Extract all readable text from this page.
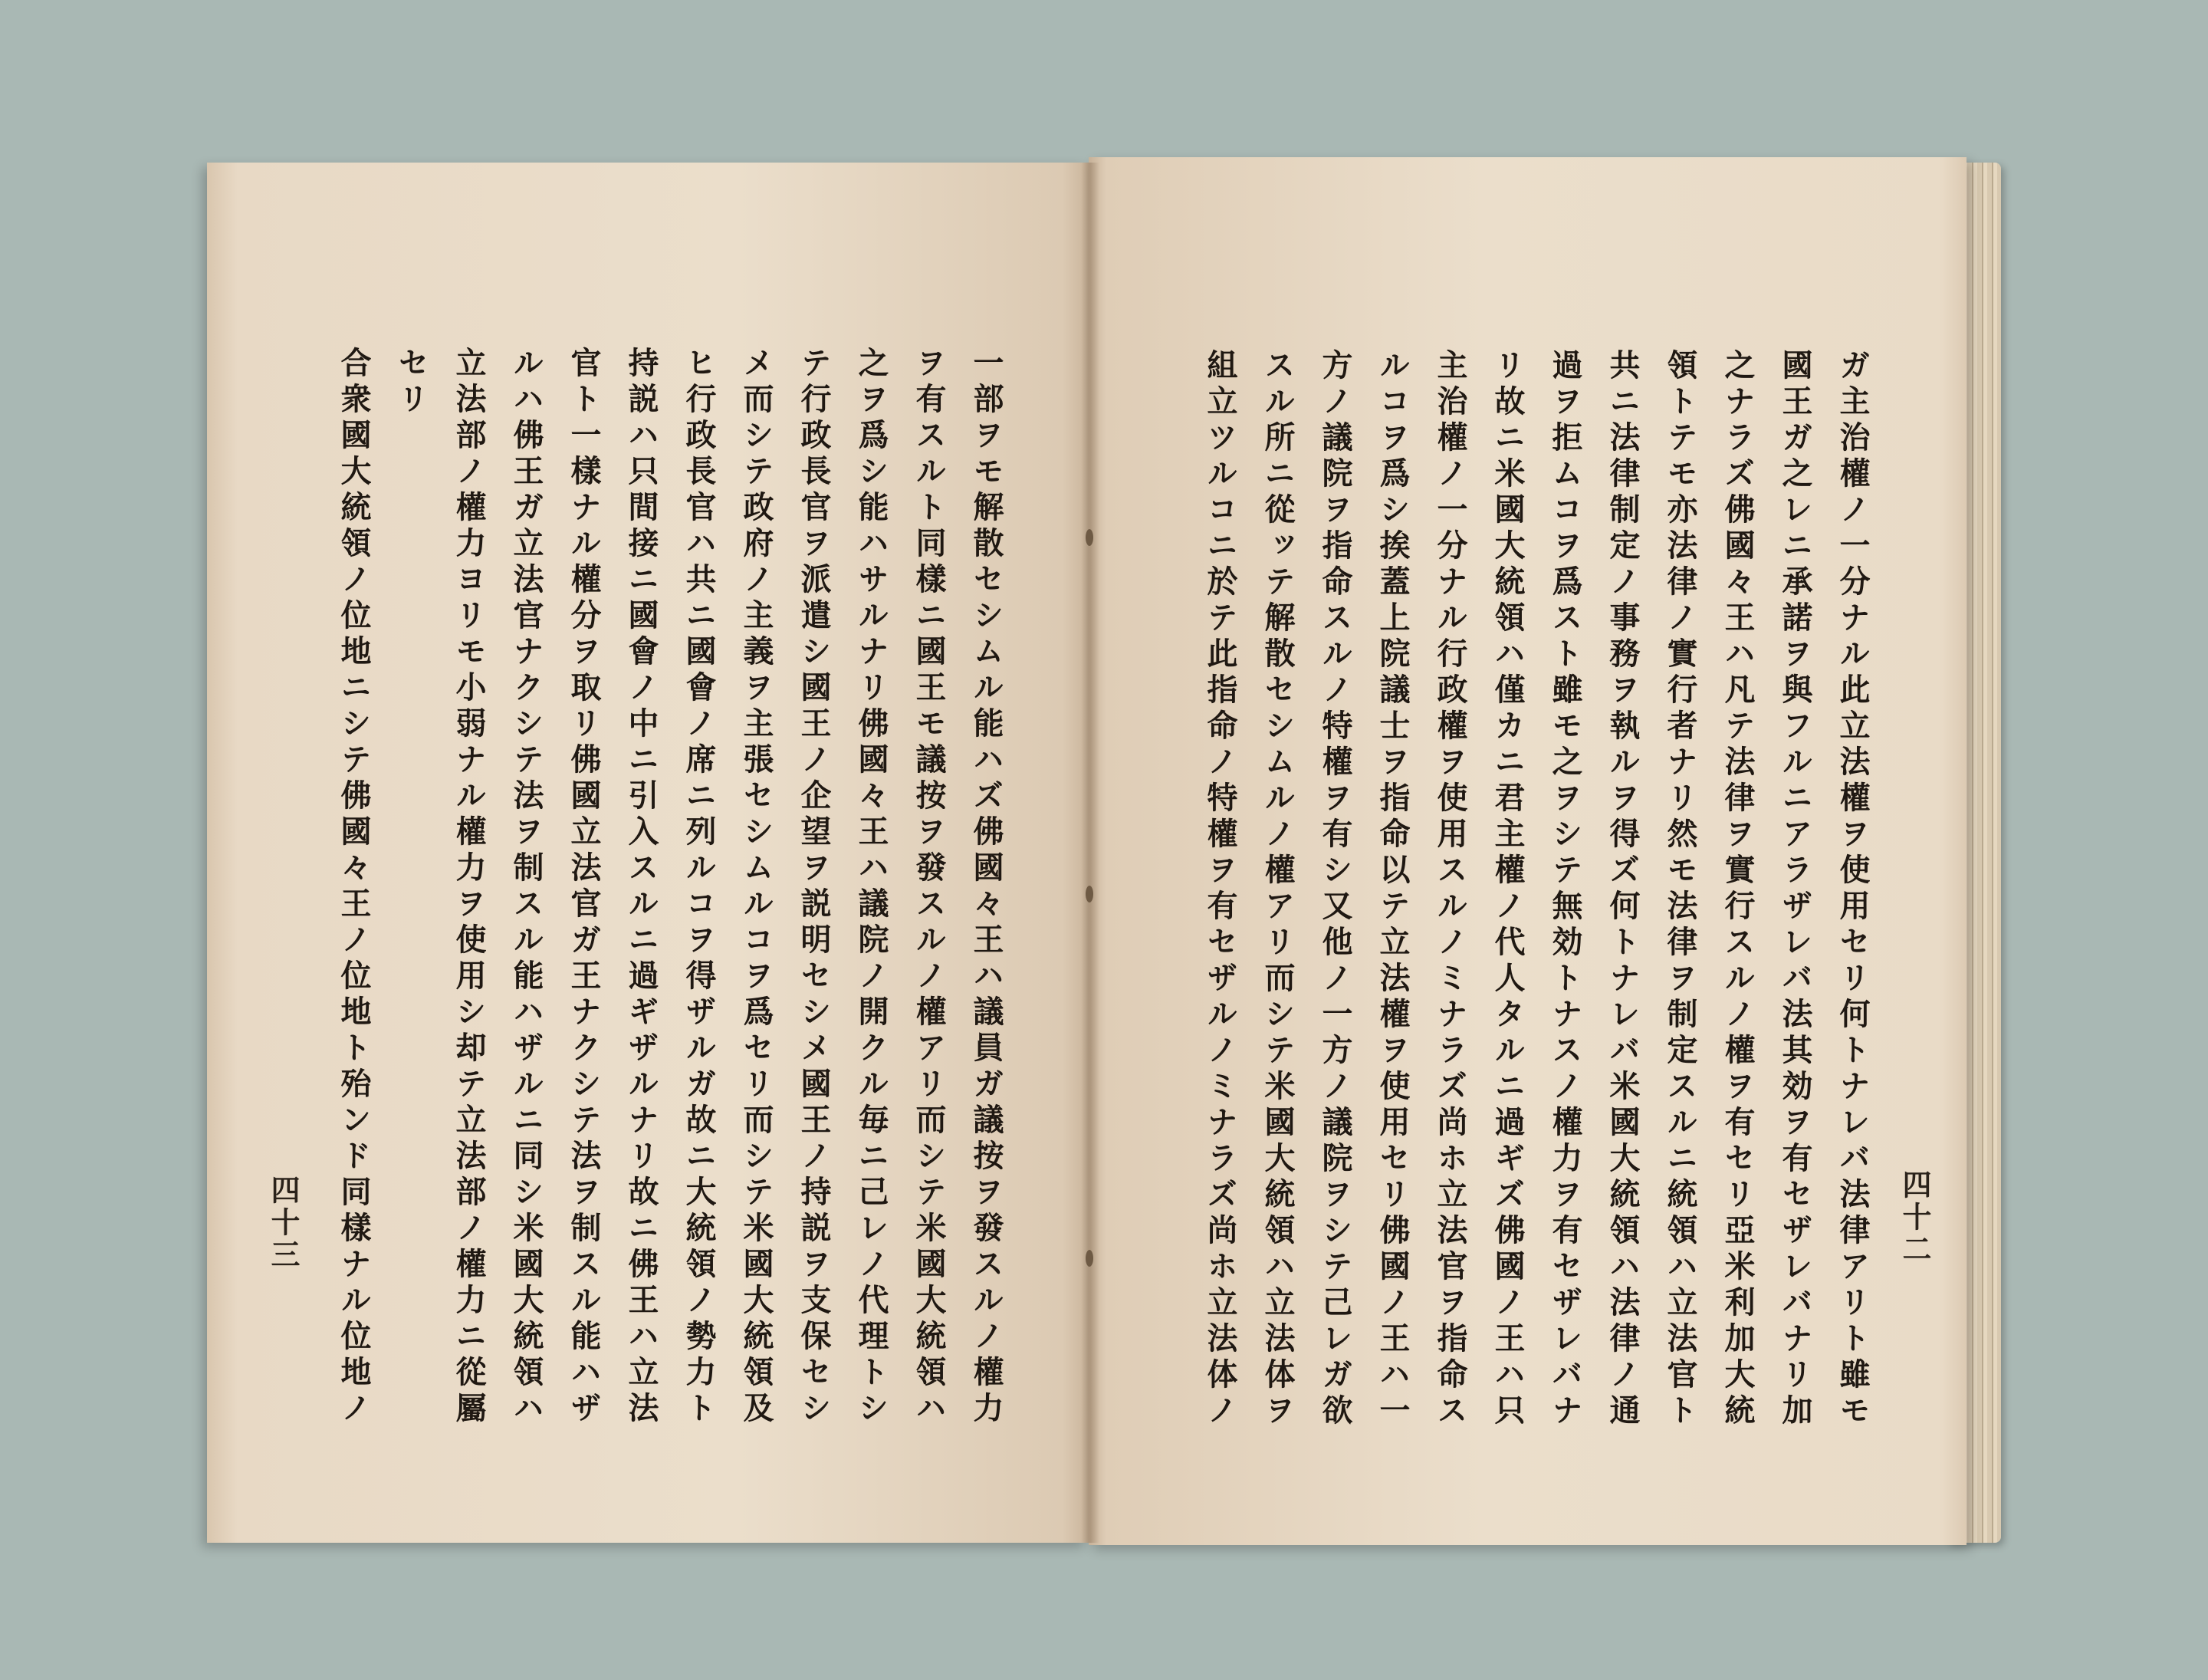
一部ヲモ解散セシムル能ハズ佛國々王ハ議員ガ議按ヲ發スルノ權力
ヲ有スルト同樣ニ國王モ議按ヲ發スルノ權アリ而シテ米國大統領ハ
之ヲ爲シ能ハサルナリ佛國々王ハ議院ノ開クル毎ニ己レノ代理トシ
テ行政長官ヲ派遣シ國王ノ企望ヲ説明セシメ國王ノ持説ヲ支保セシ
メ而シテ政府ノ主義ヲ主張セシムルコヲ爲セリ而シテ米國大統領及
ヒ行政長官ハ共ニ國會ノ席ニ列ルコヲ得ザルガ故ニ大統領ノ勢力ト
持説ハ只間接ニ國會ノ中ニ引入スルニ過ギザルナリ故ニ佛王ハ立法
官ト一樣ナル權分ヲ取リ佛國立法官ガ王ナクシテ法ヲ制スル能ハザ
ルハ佛王ガ立法官ナクシテ法ヲ制スル能ハザルニ同シ米國大統領ハ
立法部ノ權力ヨリモ小弱ナル權力ヲ使用シ却テ立法部ノ權力ニ從屬
セリ
合衆國大統領ノ位地ニシテ佛國々王ノ位地ト殆ンド同樣ナル位地ノ
四十三	ガ主治權ノ一分ナル此立法權ヲ使用セリ何トナレバ法律アリト雖モ
國王ガ之レニ承諾ヲ與フルニアラザレバ法其効ヲ有セザレバナリ加
之ナラズ佛國々王ハ凡テ法律ヲ實行スルノ權ヲ有セリ亞米利加大統
領トテモ亦法律ノ實行者ナリ然モ法律ヲ制定スルニ統領ハ立法官ト
共ニ法律制定ノ事務ヲ執ルヲ得ズ何トナレバ米國大統領ハ法律ノ通
過ヲ拒ムコヲ爲スト雖モ之ヲシテ無効トナスノ權力ヲ有セザレバナ
リ故ニ米國大統領ハ僅カニ君主權ノ代人タルニ過ギズ佛國ノ王ハ只
主治權ノ一分ナル行政權ヲ使用スルノミナラズ尚ホ立法官ヲ指命ス
ルコヲ爲シ挨蓋上院議士ヲ指命以テ立法權ヲ使用セリ佛國ノ王ハ一
方ノ議院ヲ指命スルノ特權ヲ有シ又他ノ一方ノ議院ヲシテ己レガ欲
スル所ニ從ッテ解散セシムルノ權アリ而シテ米國大統領ハ立法体ヲ
組立ツルコニ於テ此指命ノ特權ヲ有セザルノミナラズ尚ホ立法体ノ	四十二
